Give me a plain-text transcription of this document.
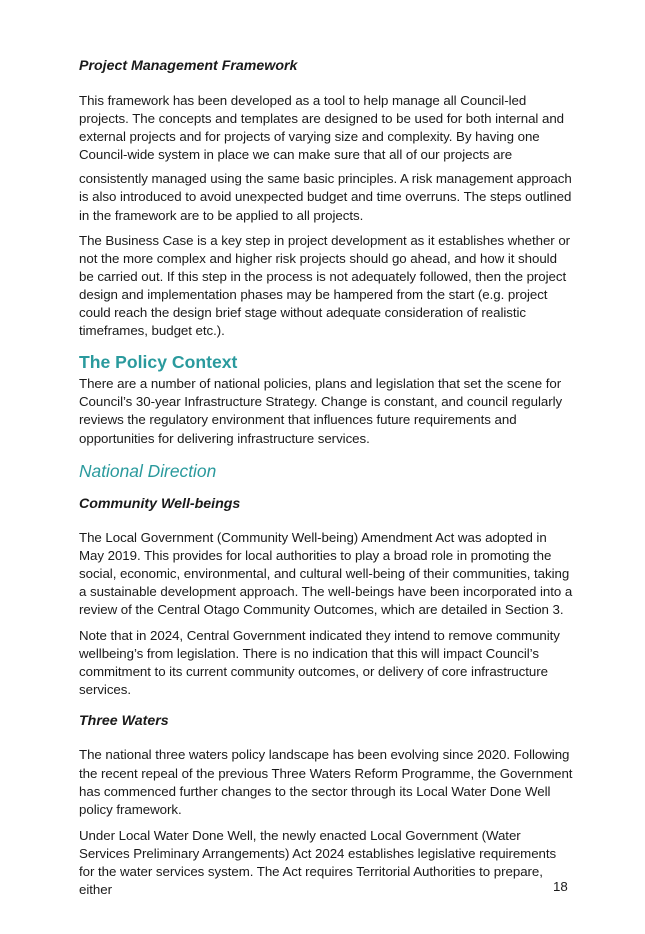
Project Management Framework

This framework has been developed as a tool to help manage all Council-led projects. The concepts and templates are designed to be used for both internal and external projects and for projects of varying size and complexity. By having one Council-wide system in place we can make sure that all of our projects are

consistently managed using the same basic principles. A risk management approach is also introduced to avoid unexpected budget and time overruns. The steps outlined in the framework are to be applied to all projects.

The Business Case is a key step in project development as it establishes whether or not the more complex and higher risk projects should go ahead, and how it should be carried out. If this step in the process is not adequately followed, then the project design and implementation phases may be hampered from the start (e.g. project could reach the design brief stage without adequate consideration of realistic timeframes, budget etc.).

The Policy Context

There are a number of national policies, plans and legislation that set the scene for Council’s 30-year Infrastructure Strategy. Change is constant, and council regularly reviews the regulatory environment that influences future requirements and opportunities for delivering infrastructure services.

National Direction
Community Well-beings

The Local Government (Community Well-being) Amendment Act was adopted in May 2019. This provides for local authorities to play a broad role in promoting the social, economic, environmental, and cultural well-being of their communities, taking a sustainable development approach. The well-beings have been incorporated into a review of the Central Otago Community Outcomes, which are detailed in Section 3.

Note that in 2024, Central Government indicated they intend to remove community wellbeing’s from legislation. There is no indication that this will impact Council’s commitment to its current community outcomes, or delivery of core infrastructure services.

Three Waters

The national three waters policy landscape has been evolving since 2020. Following the recent repeal of the previous Three Waters Reform Programme, the Government has commenced further changes to the sector through its Local Water Done Well policy framework.

Under Local Water Done Well, the newly enacted Local Government (Water Services Preliminary Arrangements) Act 2024 establishes legislative requirements for the water services system. The Act requires Territorial Authorities to prepare, either	18
